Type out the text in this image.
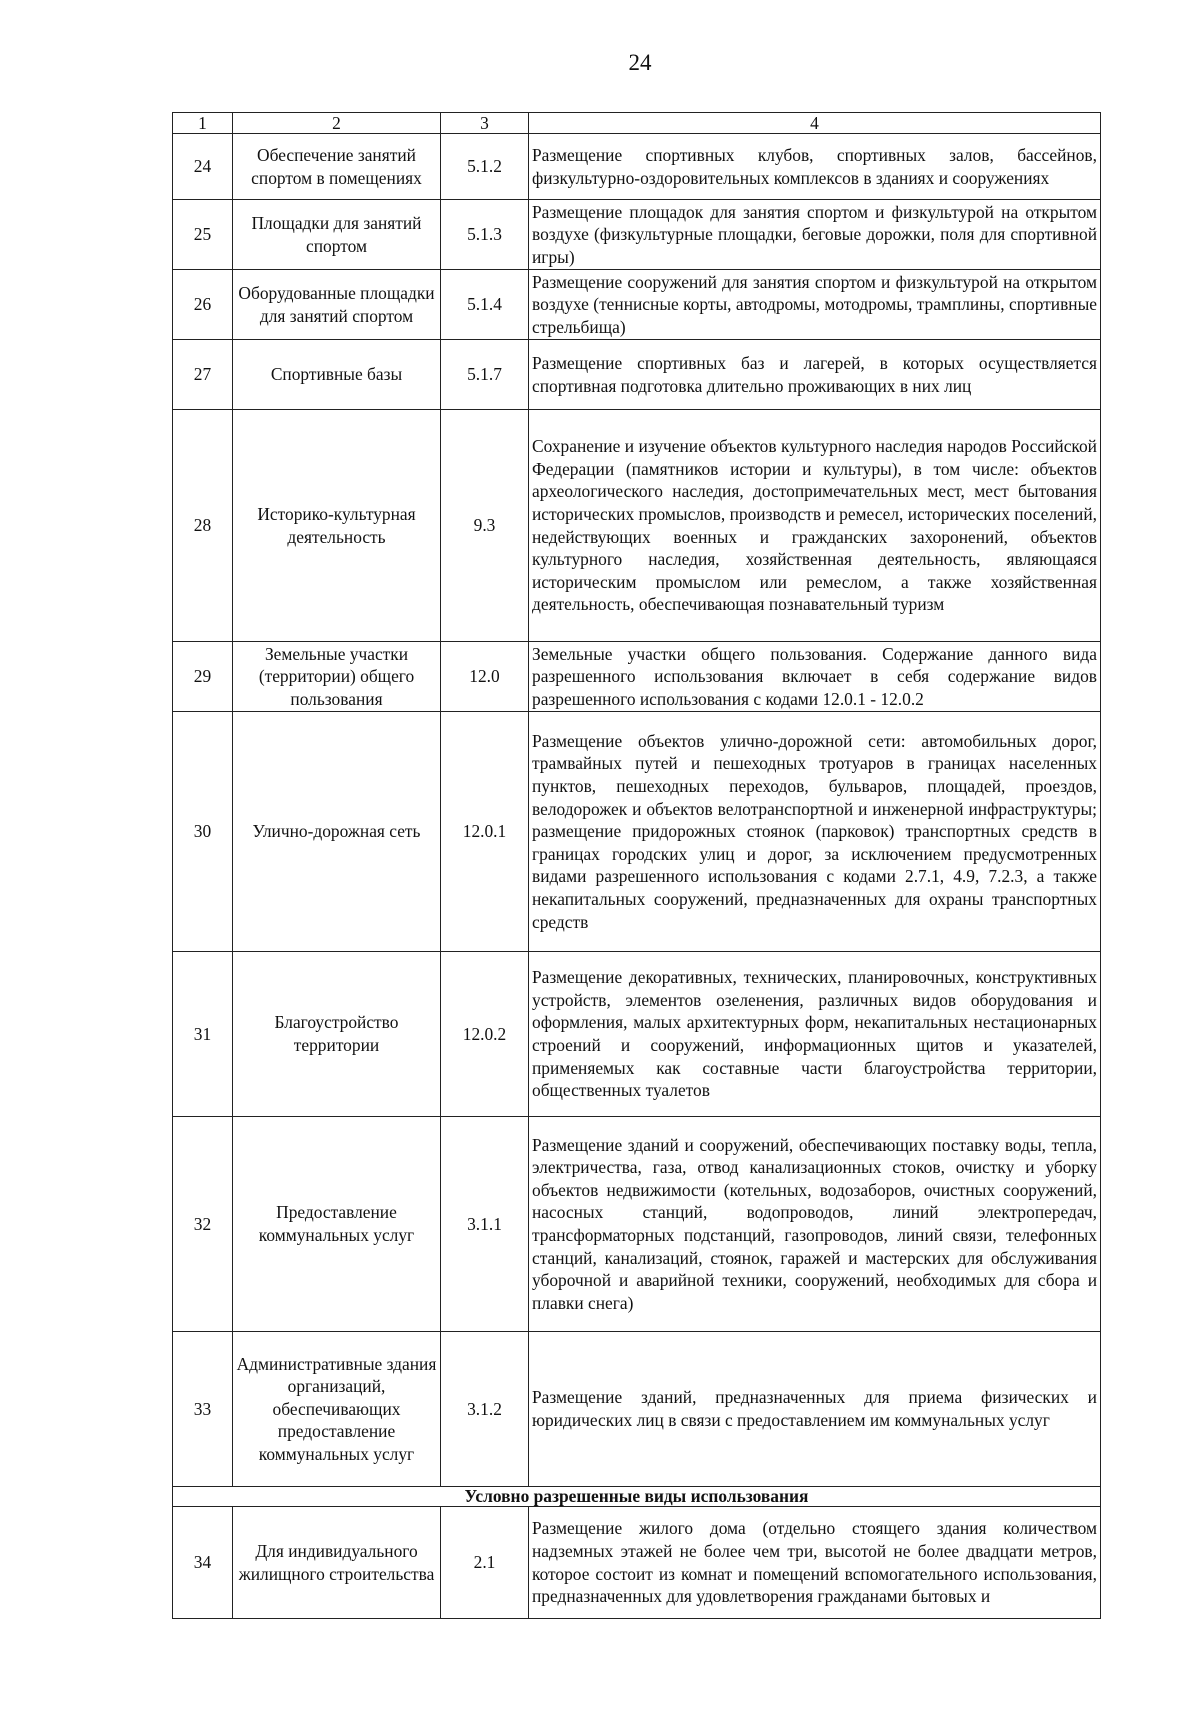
24
1	2	3	4
24	Обеспечение занятий спортом в помещениях	5.1.2	Размещение спортивных клубов, спортивных залов, бассейнов, физкультурно-оздоровительных комплексов в зданиях и сооружениях
25	Площадки для занятий спортом	5.1.3	Размещение площадок для занятия спортом и физкультурой на открытом воздухе (физкультурные площадки, беговые дорожки, поля для спортивной игры)
26	Оборудованные площадки для занятий спортом	5.1.4	Размещение сооружений для занятия спортом и физкультурой на открытом воздухе (теннисные корты, автодромы, мотодромы, трамплины, спортивные стрельбища)
27	Спортивные базы	5.1.7	Размещение спортивных баз и лагерей, в которых осуществляется спортивная подготовка длительно проживающих в них лиц
28	Историко-культурная деятельность	9.3	Сохранение и изучение объектов культурного наследия народов Российской Федерации (памятников истории и культуры), в том числе: объектов археологического наследия, достопримечательных мест, мест бытования исторических промыслов, производств и ремесел, исторических поселений, недействующих военных и гражданских захоронений, объектов культурного наследия, хозяйственная деятельность, являющаяся историческим промыслом или ремеслом, а также хозяйственная деятельность, обеспечивающая познавательный туризм
29	Земельные участки (территории) общего пользования	12.0	Земельные участки общего пользования. Содержание данного вида разрешенного использования включает в себя содержание видов разрешенного использования с кодами 12.0.1 - 12.0.2
30	Улично-дорожная сеть	12.0.1	Размещение объектов улично-дорожной сети: автомобильных дорог, трамвайных путей и пешеходных тротуаров в границах населенных пунктов, пешеходных переходов, бульваров, площадей, проездов, велодорожек и объектов велотранспортной и инженерной инфраструктуры; размещение придорожных стоянок (парковок) транспортных средств в границах городских улиц и дорог, за исключением предусмотренных видами разрешенного использования с кодами 2.7.1, 4.9, 7.2.3, а также некапитальных сооружений, предназначенных для охраны транспортных средств
31	Благоустройство территории	12.0.2	Размещение декоративных, технических, планировочных, конструктивных устройств, элементов озеленения, различных видов оборудования и оформления, малых архитектурных форм, некапитальных нестационарных строений и сооружений, информационных щитов и указателей, применяемых как составные части благоустройства территории, общественных туалетов
32	Предоставление коммунальных услуг	3.1.1	Размещение зданий и сооружений, обеспечивающих поставку воды, тепла, электричества, газа, отвод канализационных стоков, очистку и уборку объектов недвижимости (котельных, водозаборов, очистных сооружений, насосных станций, водопроводов, линий электропередач, трансформаторных подстанций, газопроводов, линий связи, телефонных станций, канализаций, стоянок, гаражей и мастерских для обслуживания уборочной и аварийной техники, сооружений, необходимых для сбора и плавки снега)
33	Административные здания организаций, обеспечивающих предоставление коммунальных услуг	3.1.2	Размещение зданий, предназначенных для приема физических и юридических лиц в связи с предоставлением им коммунальных услуг
Условно разрешенные виды использования			
34	Для индивидуального жилищного строительства	2.1	Размещение жилого дома (отдельно стоящего здания количеством надземных этажей не более чем три, высотой не более двадцати метров, которое состоит из комнат и помещений вспомогательного использования, предназначенных для удовлетворения гражданами бытовых и
